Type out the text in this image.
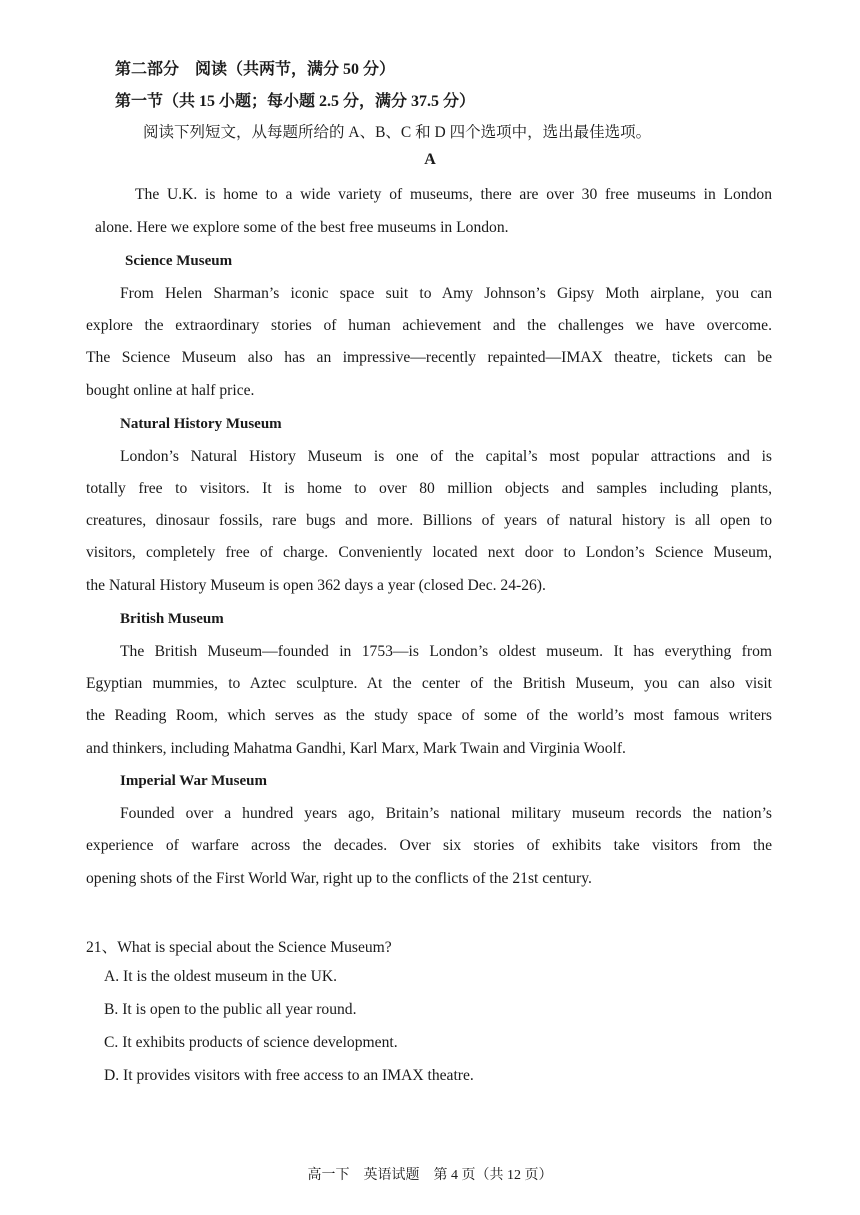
第二部分　阅读（共两节，满分 50 分）
第一节（共 15 小题；每小题 2.5 分，满分 37.5 分）
阅读下列短文，从每题所给的 A、B、C 和 D 四个选项中，选出最佳选项。
A
The U.K. is home to a wide variety of museums, there are over 30 free museums in London
alone. Here we explore some of the best free museums in London.
Science Museum
From Helen Sharman’s iconic space suit to Amy Johnson’s Gipsy Moth airplane, you can
explore the extraordinary stories of human achievement and the challenges we have overcome.
The Science Museum also has an impressive—recently repainted—IMAX theatre, tickets can be
bought online at half price.
Natural History Museum
London’s Natural History Museum is one of the capital’s most popular attractions and is
totally free to visitors. It is home to over 80 million objects and samples including plants,
creatures, dinosaur fossils, rare bugs and more. Billions of years of natural history is all open to
visitors, completely free of charge. Conveniently located next door to London’s Science Museum,
the Natural History Museum is open 362 days a year (closed Dec. 24-26).
British Museum
The British Museum—founded in 1753—is London’s oldest museum. It has everything from
Egyptian mummies, to Aztec sculpture. At the center of the British Museum, you can also visit
the Reading Room, which serves as the study space of some of the world’s most famous writers
and thinkers, including Mahatma Gandhi, Karl Marx, Mark Twain and Virginia Woolf.
Imperial War Museum
Founded over a hundred years ago, Britain’s national military museum records the nation’s
experience of warfare across the decades. Over six stories of exhibits take visitors from the
opening shots of the First World War, right up to the conflicts of the 21st century.
21、What is special about the Science Museum?
A. It is the oldest museum in the UK.
B. It is open to the public all year round.
C. It exhibits products of science development.
D. It provides visitors with free access to an IMAX theatre.
高一下　英语试题　第 4 页（共 12 页）
